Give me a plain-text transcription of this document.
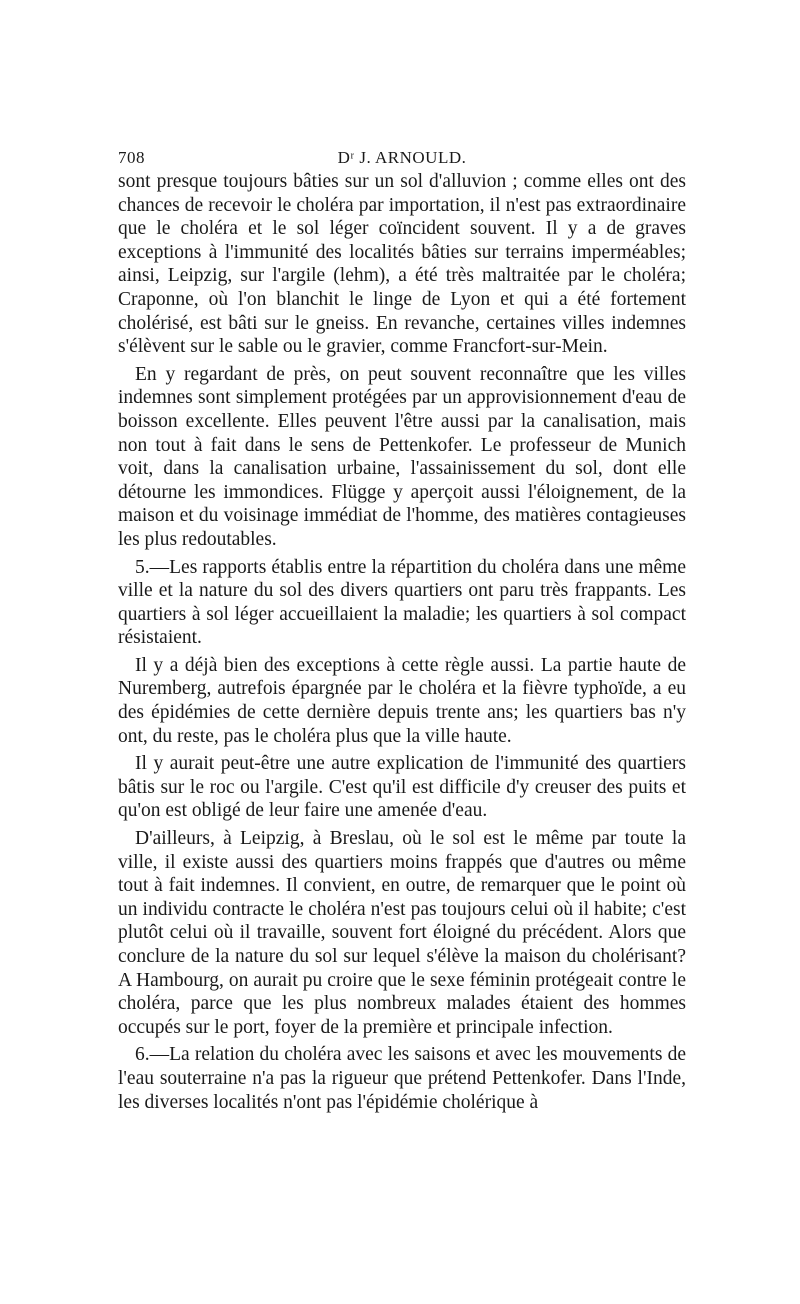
708	Dʳ J. ARNOULD.

sont presque toujours bâties sur un sol d'alluvion ; comme elles ont des chances de recevoir le choléra par importation, il n'est pas extraordinaire que le choléra et le sol léger coïncident souvent. Il y a de graves exceptions à l'immunité des localités bâties sur terrains imperméables; ainsi, Leipzig, sur l'argile (lehm), a été très maltraitée par le choléra; Craponne, où l'on blanchit le linge de Lyon et qui a été fortement cholérisé, est bâti sur le gneiss. En revanche, certaines villes indemnes s'élèvent sur le sable ou le gravier, comme Francfort-sur-Mein.

En y regardant de près, on peut souvent reconnaître que les villes indemnes sont simplement protégées par un approvisionnement d'eau de boisson excellente. Elles peuvent l'être aussi par la canalisation, mais non tout à fait dans le sens de Pettenkofer. Le professeur de Munich voit, dans la canalisation urbaine, l'assainissement du sol, dont elle détourne les immondices. Flügge y aperçoit aussi l'éloignement, de la maison et du voisinage immédiat de l'homme, des matières contagieuses les plus redoutables.

5.—Les rapports établis entre la répartition du choléra dans une même ville et la nature du sol des divers quartiers ont paru très frappants. Les quartiers à sol léger accueillaient la maladie; les quartiers à sol compact résistaient.

Il y a déjà bien des exceptions à cette règle aussi. La partie haute de Nuremberg, autrefois épargnée par le choléra et la fièvre typhoïde, a eu des épidémies de cette dernière depuis trente ans; les quartiers bas n'y ont, du reste, pas le choléra plus que la ville haute.

Il y aurait peut-être une autre explication de l'immunité des quartiers bâtis sur le roc ou l'argile. C'est qu'il est difficile d'y creuser des puits et qu'on est obligé de leur faire une amenée d'eau.

D'ailleurs, à Leipzig, à Breslau, où le sol est le même par toute la ville, il existe aussi des quartiers moins frappés que d'autres ou même tout à fait indemnes. Il convient, en outre, de remarquer que le point où un individu contracte le choléra n'est pas toujours celui où il habite; c'est plutôt celui où il travaille, souvent fort éloigné du précédent. Alors que conclure de la nature du sol sur lequel s'élève la maison du cholérisant? A Hambourg, on aurait pu croire que le sexe féminin protégeait contre le choléra, parce que les plus nombreux malades étaient des hommes occupés sur le port, foyer de la première et principale infection.

6.—La relation du choléra avec les saisons et avec les mouvements de l'eau souterraine n'a pas la rigueur que prétend Pettenkofer. Dans l'Inde, les diverses localités n'ont pas l'épidémie cholérique à
